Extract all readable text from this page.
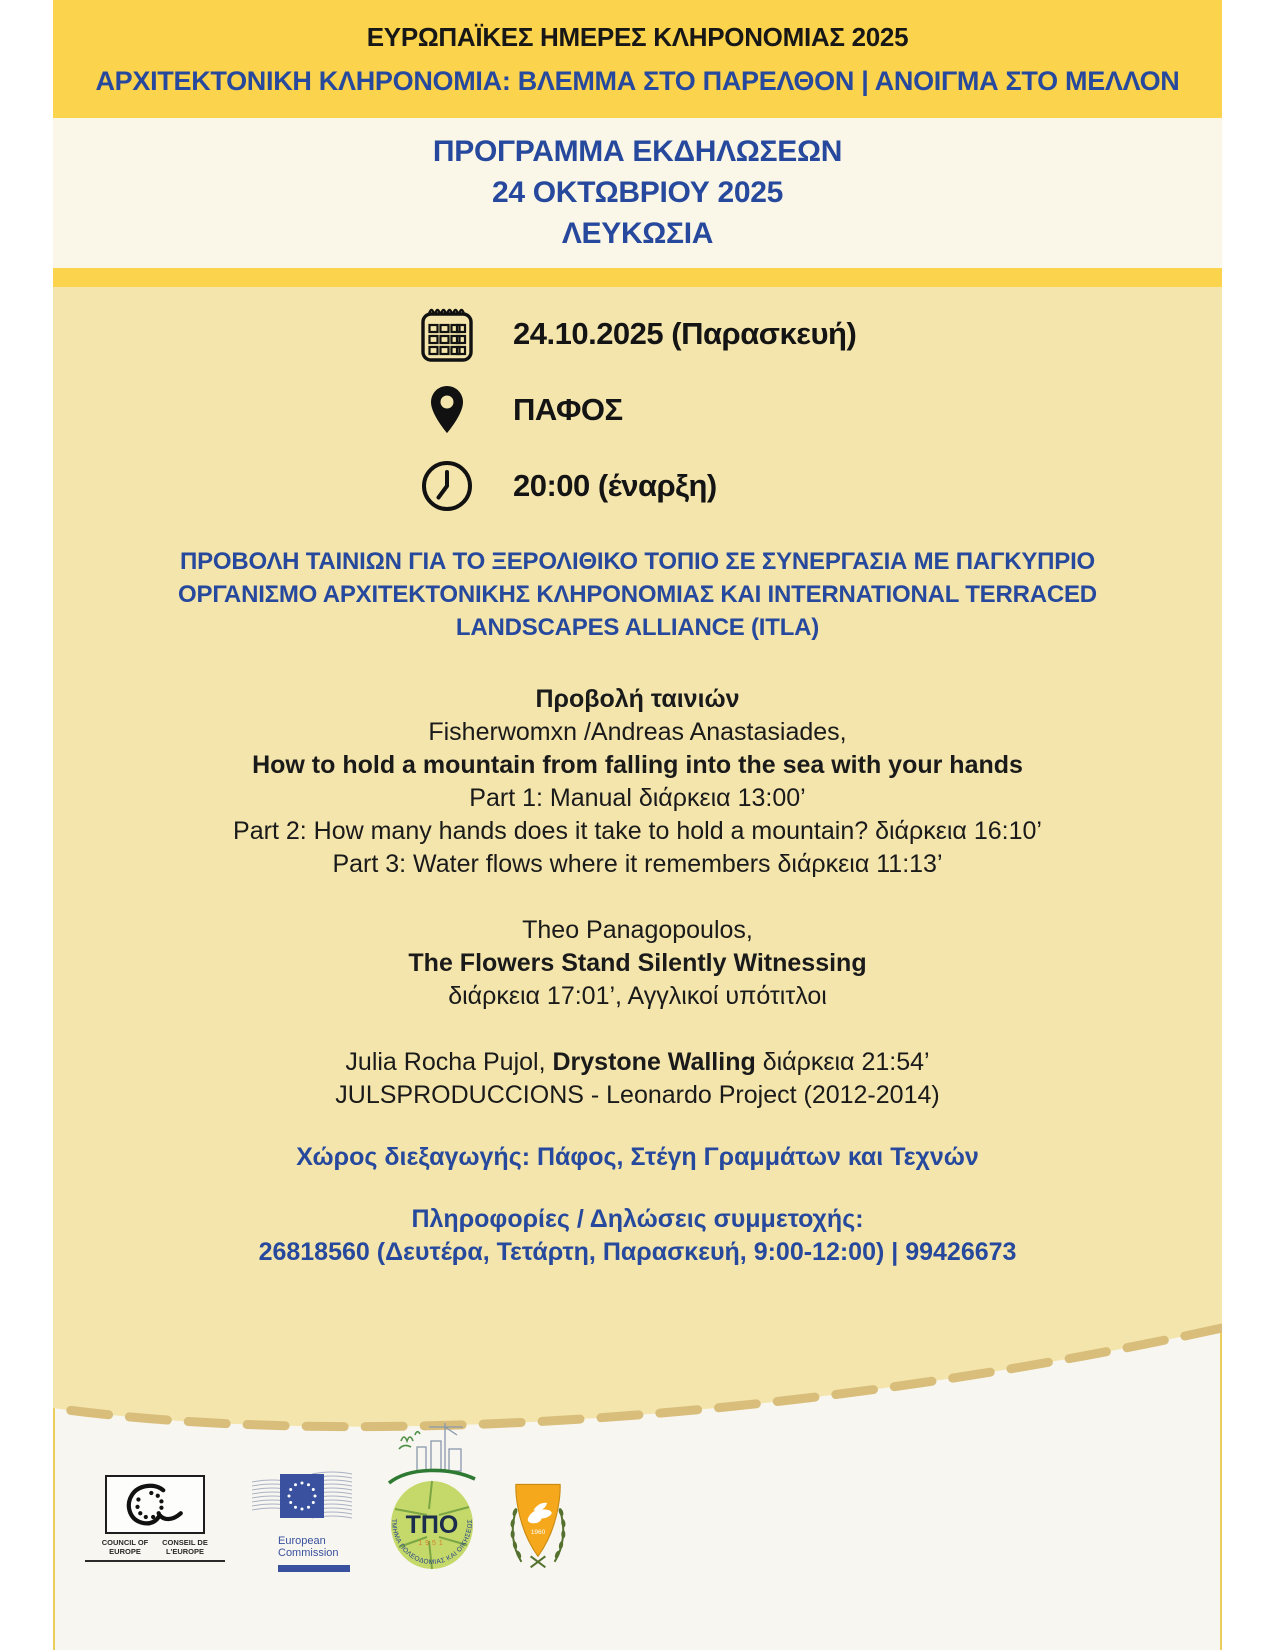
ΕΥΡΩΠΑΪΚΕΣ ΗΜΕΡΕΣ ΚΛΗΡΟΝΟΜΙΑΣ 2025
ΑΡΧΙΤΕΚΤΟΝΙΚΗ ΚΛΗΡΟΝΟΜΙΑ: ΒΛΕΜΜΑ ΣΤΟ ΠΑΡΕΛΘΟΝ | ΑΝΟΙΓΜΑ ΣΤΟ ΜΕΛΛΟΝ
ΠΡΟΓΡΑΜΜΑ ΕΚΔΗΛΩΣΕΩΝ
24 ΟΚΤΩΒΡΙΟΥ 2025
ΛΕΥΚΩΣΙΑ
24.10.2025 (Παρασκευή)
ΠΑΦΟΣ
20:00 (έναρξη)
ΠΡΟΒΟΛΗ ΤΑΙΝΙΩΝ ΓΙΑ ΤΟ ΞΕΡΟΛΙΘΙΚΟ ΤΟΠΙΟ ΣΕ ΣΥΝΕΡΓΑΣΙΑ ΜΕ ΠΑΓΚΥΠΡΙΟ
ΟΡΓΑΝΙΣΜΟ ΑΡΧΙΤΕΚΤΟΝΙΚΗΣ ΚΛΗΡΟΝΟΜΙΑΣ ΚΑΙ INTERNATIONAL TERRACED
LANDSCAPES ALLIANCE (ITLA)
Προβολή ταινιών
Fisherwomxn /Andreas Anastasiades,
How to hold a mountain from falling into the sea with your hands
Part 1: Manual διάρκεια 13:00’
Part 2: How many hands does it take to hold a mountain? διάρκεια 16:10’
Part 3: Water flows where it remembers διάρκεια 11:13’
Theo Panagopoulos,
The Flowers Stand Silently Witnessing
διάρκεια 17:01’, Αγγλικοί υπότιτλοι
Julia Rocha Pujol, Drystone Walling διάρκεια 21:54’
JULSPRODUCCIONS - Leonardo Project (2012-2014)
Χώρος διεξαγωγής: Πάφος, Στέγη Γραμμάτων και Τεχνών
Πληροφορίες / Δηλώσεις συμμετοχής:
26818560 (Δευτέρα, Τετάρτη, Παρασκευή, 9:00-12:00) | 99426673
COUNCIL OF EUROPE
CONSEIL DE L'EUROPE
European
Commission
ΤΠΟ
1951
ΤΜΗΜΑ ΠΟΛΕΟΔΟΜΙΑΣ ΚΑΙ ΟΙΚΗΣΕΩΣ
1960
